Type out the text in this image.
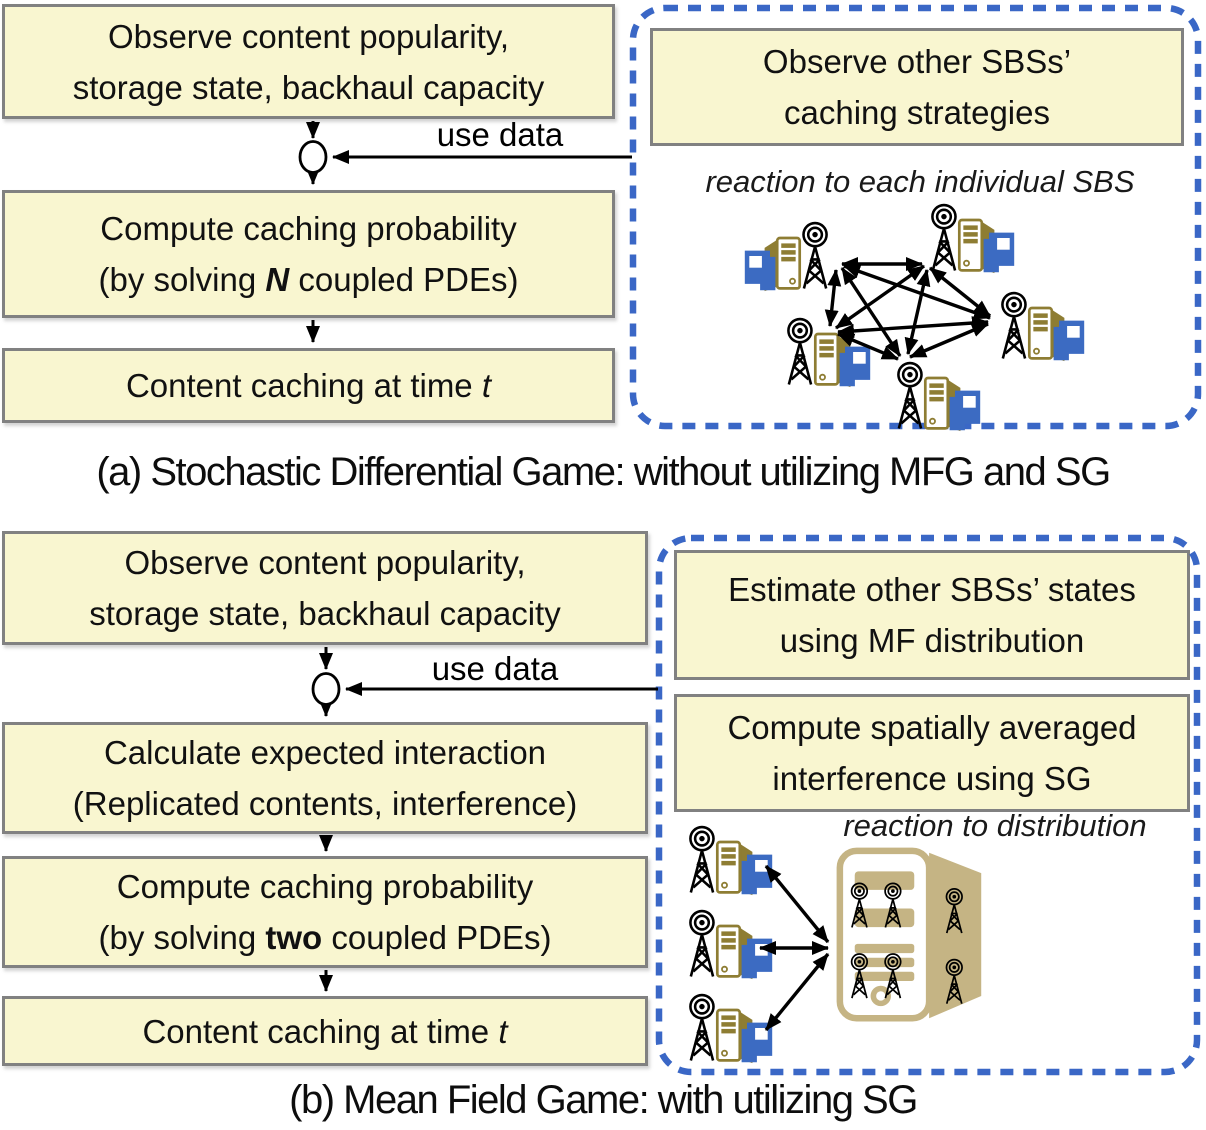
Observe content popularity,
storage state, backhaul capacity
use data
Compute caching probability
(by solving N coupled PDEs)
Content caching at time t
(a) Stochastic Differential Game: without utilizing MFG and SG
Observe other SBSs’
caching strategies
reaction to each individual SBS
Observe content popularity,
storage state, backhaul capacity
use data
Calculate expected interaction
(Replicated contents, interference)
Compute caching probability
(by solving two coupled PDEs)
Content caching at time t
(b) Mean Field Game: with utilizing SG
Estimate other SBSs’ states
using MF distribution
Compute spatially averaged
interference using SG
reaction to distribution
